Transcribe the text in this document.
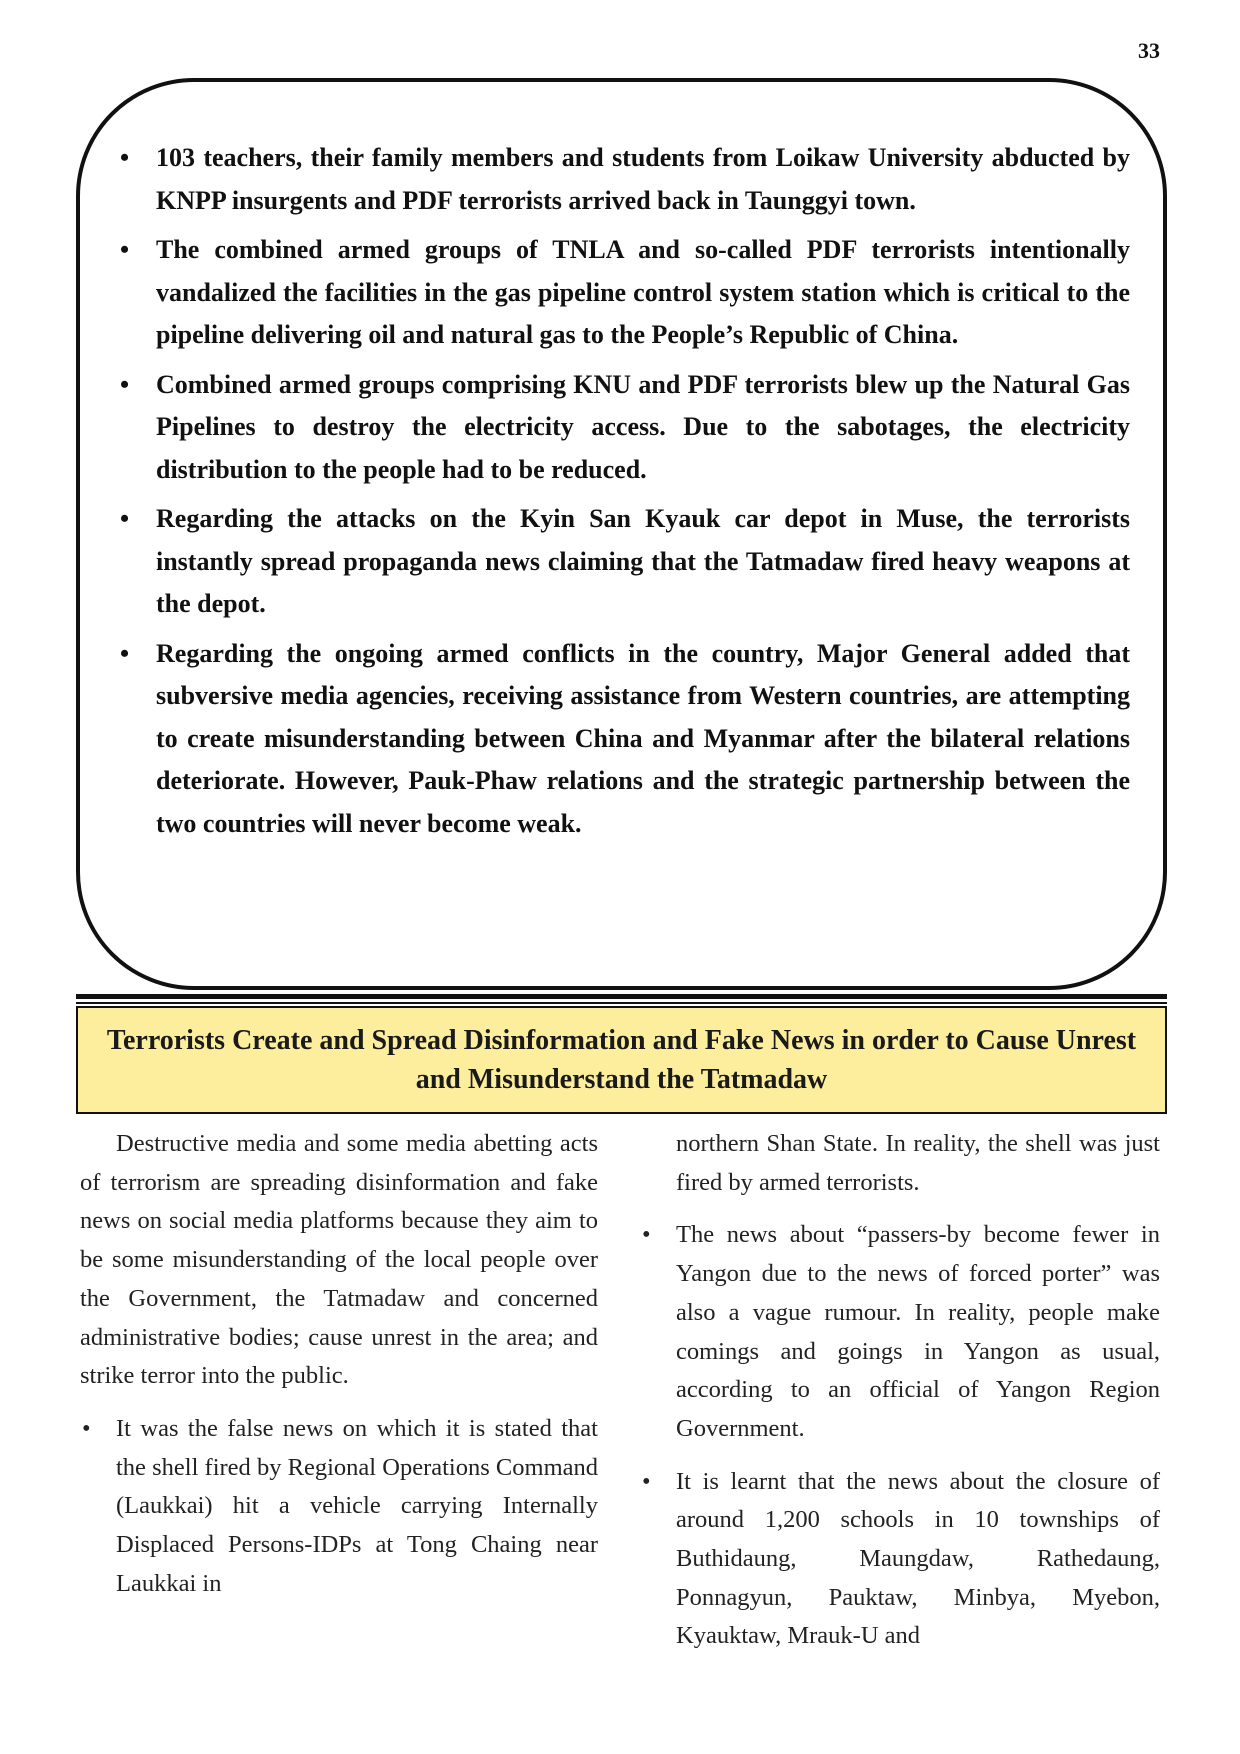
33
• 103 teachers, their family members and students from Loikaw University abducted by KNPP insurgents and PDF terrorists arrived back in Taunggyi town.
• The combined armed groups of TNLA and so-called PDF terrorists intentionally vandalized the facilities in the gas pipeline control system station which is critical to the pipeline delivering oil and natural gas to the People’s Republic of China.
• Combined armed groups comprising KNU and PDF terrorists blew up the Natural Gas Pipelines to destroy the electricity access. Due to the sabotages, the electricity distribution to the people had to be reduced.
• Regarding the attacks on the Kyin San Kyauk car depot in Muse, the terrorists instantly spread propaganda news claiming that the Tatmadaw fired heavy weapons at the depot.
• Regarding the ongoing armed conflicts in the country, Major General added that subversive media agencies, receiving assistance from Western countries, are attempting to create misunderstanding between China and Myanmar after the bilateral relations deteriorate. However, Pauk-Phaw relations and the strategic partnership between the two countries will never become weak.
Terrorists Create and Spread Disinformation and Fake News in order to Cause Unrest and Misunderstand the Tatmadaw

Destructive media and some media abetting acts of terrorism are spreading disinformation and fake news on social media platforms because they aim to be some misunderstanding of the local people over the Government, the Tatmadaw and concerned administrative bodies; cause unrest in the area; and strike terror into the public.

• It was the false news on which it is stated that the shell fired by Regional Operations Command (Laukkai) hit a vehicle carrying Internally Displaced Persons-IDPs at Tong Chaing near Laukkai in

northern Shan State. In reality, the shell was just fired by armed terrorists.

• The news about “passers-by become fewer in Yangon due to the news of forced porter” was also a vague rumour. In reality, people make comings and goings in Yangon as usual, according to an official of Yangon Region Government.
• It is learnt that the news about the closure of around 1,200 schools in 10 townships of Buthidaung, Maungdaw, Rathedaung, Ponnagyun, Pauktaw, Minbya, Myebon, Kyauktaw, Mrauk-U and
